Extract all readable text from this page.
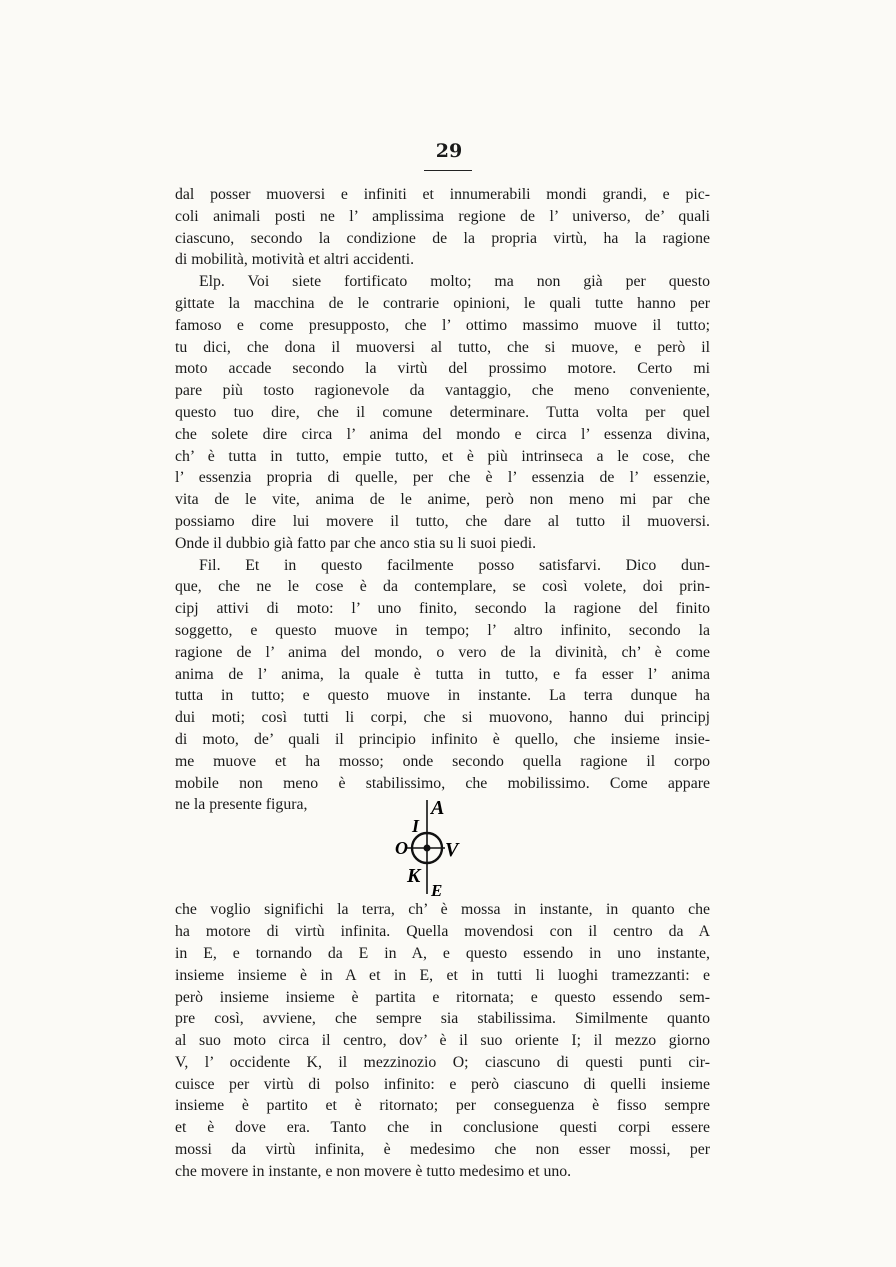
29
dal posser muoversi e infiniti et innumerabili mondi grandi, e pic-
coli animali posti ne l’ amplissima regione de l’ universo, de’ quali
ciascuno, secondo la condizione de la propria virtù, ha la ragione
di mobilità, motività et altri accidenti.
Elp. Voi siete fortificato molto; ma non già per questo
gittate la macchina de le contrarie opinioni, le quali tutte hanno per
famoso e come presupposto, che l’ ottimo massimo muove il tutto;
tu dici, che dona il muoversi al tutto, che si muove, e però il
moto accade secondo la virtù del prossimo motore. Certo mi
pare più tosto ragionevole da vantaggio, che meno conveniente,
questo tuo dire, che il comune determinare. Tutta volta per quel
che solete dire circa l’ anima del mondo e circa l’ essenza divina,
ch’ è tutta in tutto, empie tutto, et è più intrinseca a le cose, che
l’ essenzia propria di quelle, per che è l’ essenzia de l’ essenzie,
vita de le vite, anima de le anime, però non meno mi par che
possiamo dire lui movere il tutto, che dare al tutto il muoversi.
Onde il dubbio già fatto par che anco stia su li suoi piedi.
Fil. Et in questo facilmente posso satisfarvi. Dico dun-
que, che ne le cose è da contemplare, se così volete, doi prin-
cipj attivi di moto: l’ uno finito, secondo la ragione del finito
soggetto, e questo muove in tempo; l’ altro infinito, secondo la
ragione de l’ anima del mondo, o vero de la divinità, ch’ è come
anima de l’ anima, la quale è tutta in tutto, e fa esser l’ anima
tutta in tutto; e questo muove in instante. La terra dunque ha
dui moti; così tutti li corpi, che si muovono, hanno dui principj
di moto, de’ quali il principio infinito è quello, che insieme insie-
me muove et ha mosso; onde secondo quella ragione il corpo
mobile non meno è stabilissimo, che mobilissimo. Come appare
ne la presente figura,	A
I
O V
K
E
che voglio significhi la terra, ch’ è mossa in instante, in quanto che
ha motore di virtù infinita. Quella movendosi con il centro da A
in E, e tornando da E in A, e questo essendo in uno instante,
insieme insieme è in A et in E, et in tutti li luoghi tramezzanti: e
però insieme insieme è partita e ritornata; e questo essendo sem-
pre così, avviene, che sempre sia stabilissima. Similmente quanto
al suo moto circa il centro, dov’ è il suo oriente I; il mezzo giorno
V, l’ occidente K, il mezzinozio O; ciascuno di questi punti cir-
cuisce per virtù di polso infinito: e però ciascuno di quelli insieme
insieme è partito et è ritornato; per conseguenza è fisso sempre
et è dove era. Tanto che in conclusione questi corpi essere
mossi da virtù infinita, è medesimo che non esser mossi, per
che movere in instante, e non movere è tutto medesimo et uno.
